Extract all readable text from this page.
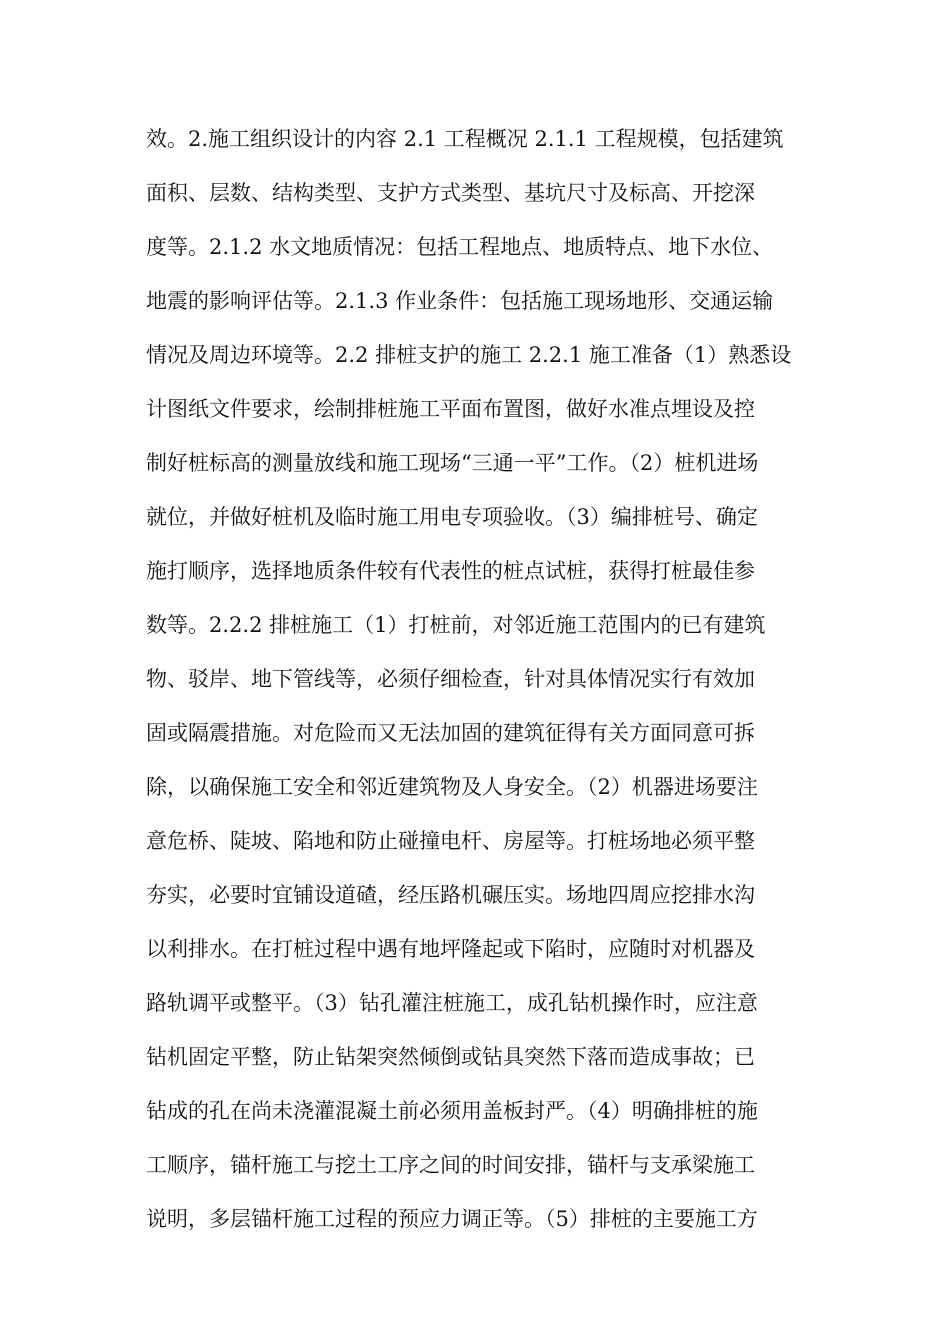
效。2.施工组织设计的内容 2.1 工程概况 2.1.1 工程规模，包括建筑
面积、层数、结构类型、支护方式类型、基坑尺寸及标高、开挖深
度等。2.1.2 水文地质情况：包括工程地点、地质特点、地下水位、
地震的影响评估等。2.1.3 作业条件：包括施工现场地形、交通运输
情况及周边环境等。2.2 排桩支护的施工 2.2.1 施工准备（1）熟悉设
计图纸文件要求，绘制排桩施工平面布置图，做好水准点埋设及控
制好桩标高的测量放线和施工现场“三通一平”工作。（2）桩机进场
就位，并做好桩机及临时施工用电专项验收。（3）编排桩号、确定
施打顺序，选择地质条件较有代表性的桩点试桩，获得打桩最佳参
数等。2.2.2 排桩施工（1）打桩前，对邻近施工范围内的已有建筑
物、驳岸、地下管线等，必须仔细检查，针对具体情况实行有效加
固或隔震措施。对危险而又无法加固的建筑征得有关方面同意可拆
除，以确保施工安全和邻近建筑物及人身安全。（2）机器进场要注
意危桥、陡坡、陷地和防止碰撞电杆、房屋等。打桩场地必须平整
夯实，必要时宜铺设道碴，经压路机碾压实。场地四周应挖排水沟
以利排水。在打桩过程中遇有地坪隆起或下陷时，应随时对机器及
路轨调平或整平。（3）钻孔灌注桩施工，成孔钻机操作时，应注意
钻机固定平整，防止钻架突然倾倒或钻具突然下落而造成事故；已
钻成的孔在尚未浇灌混凝土前必须用盖板封严。（4）明确排桩的施
工顺序，锚杆施工与挖土工序之间的时间安排，锚杆与支承梁施工
说明，多层锚杆施工过程的预应力调正等。（5）排桩的主要施工方
